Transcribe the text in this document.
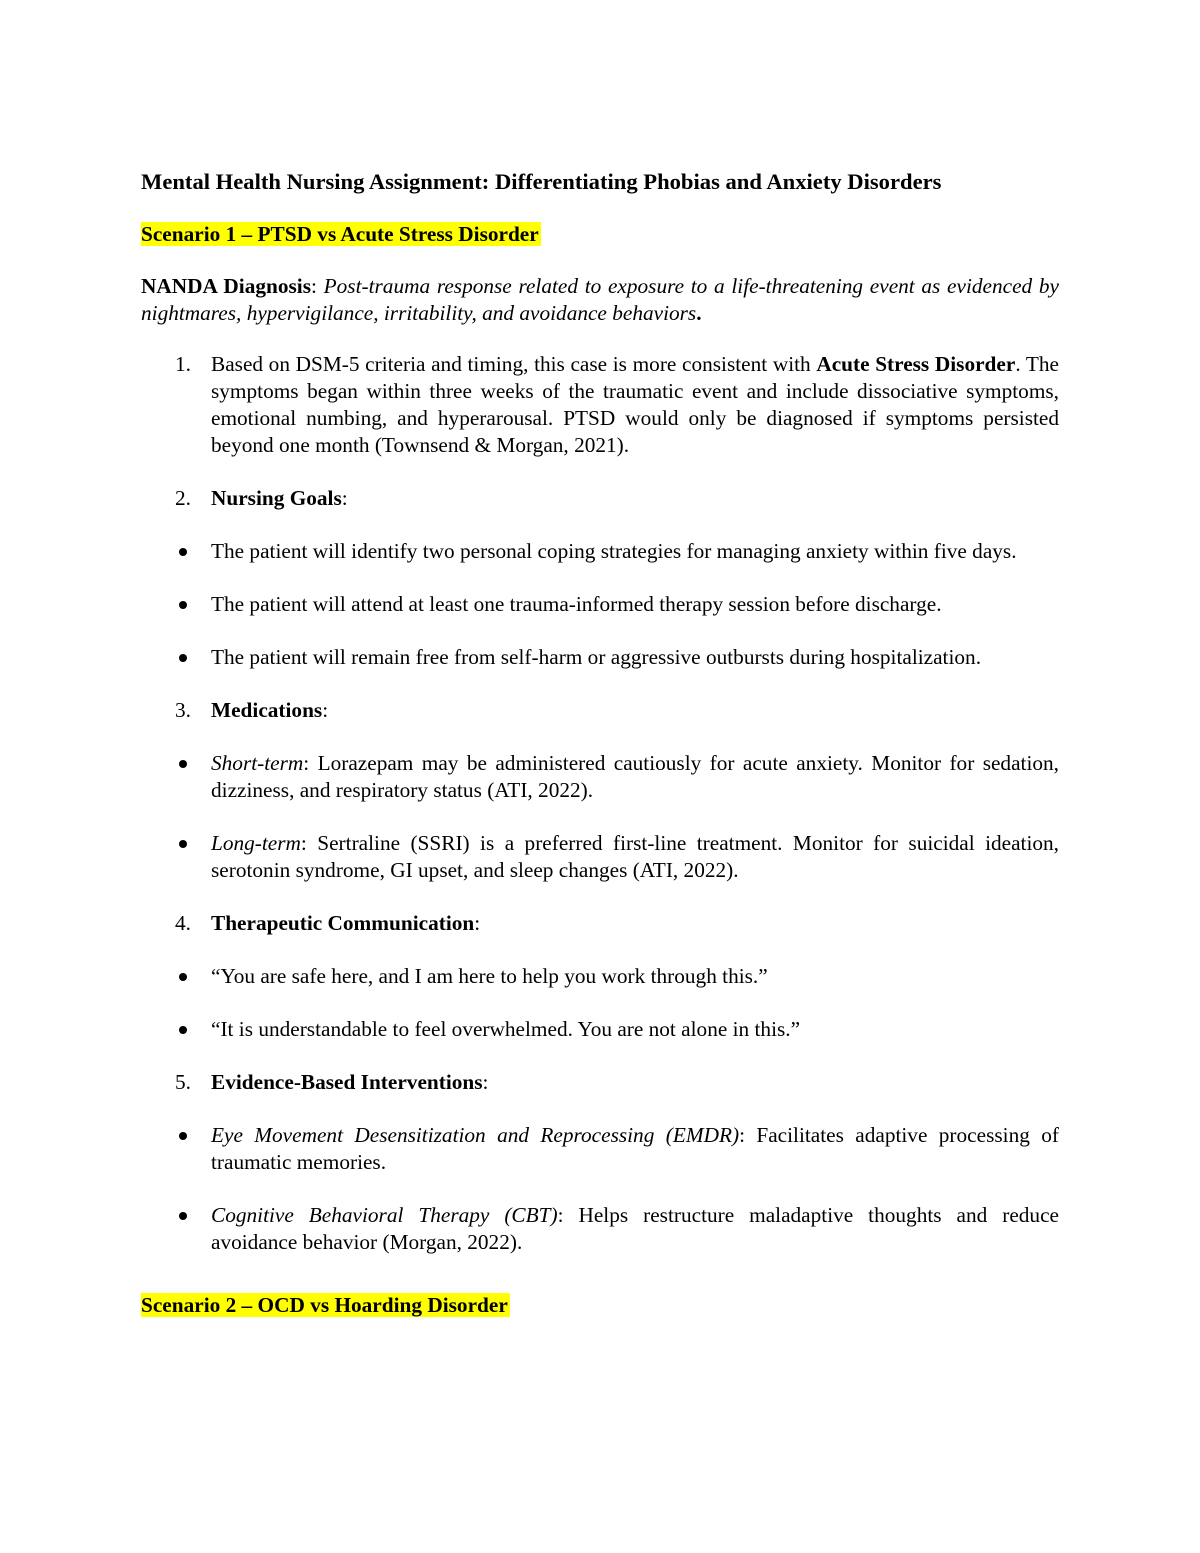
Mental Health Nursing Assignment: Differentiating Phobias and Anxiety Disorders
Scenario 1 – PTSD vs Acute Stress Disorder

NANDA Diagnosis: Post-trauma response related to exposure to a life-threatening event as evidenced by nightmares, hypervigilance, irritability, and avoidance behaviors.

1. Based on DSM-5 criteria and timing, this case is more consistent with Acute Stress Disorder. The symptoms began within three weeks of the traumatic event and include dissociative symptoms, emotional numbing, and hyperarousal. PTSD would only be diagnosed if symptoms persisted beyond one month (Townsend & Morgan, 2021).
2. Nursing Goals:
The patient will identify two personal coping strategies for managing anxiety within five days.
The patient will attend at least one trauma-informed therapy session before discharge.
The patient will remain free from self-harm or aggressive outbursts during hospitalization.
3. Medications:
Short-term: Lorazepam may be administered cautiously for acute anxiety. Monitor for sedation, dizziness, and respiratory status (ATI, 2022).
Long-term: Sertraline (SSRI) is a preferred first-line treatment. Monitor for suicidal ideation, serotonin syndrome, GI upset, and sleep changes (ATI, 2022).
4. Therapeutic Communication:
“You are safe here, and I am here to help you work through this.”
“It is understandable to feel overwhelmed. You are not alone in this.”
5. Evidence-Based Interventions:
Eye Movement Desensitization and Reprocessing (EMDR): Facilitates adaptive processing of traumatic memories.
Cognitive Behavioral Therapy (CBT): Helps restructure maladaptive thoughts and reduce avoidance behavior (Morgan, 2022).
Scenario 2 – OCD vs Hoarding Disorder
